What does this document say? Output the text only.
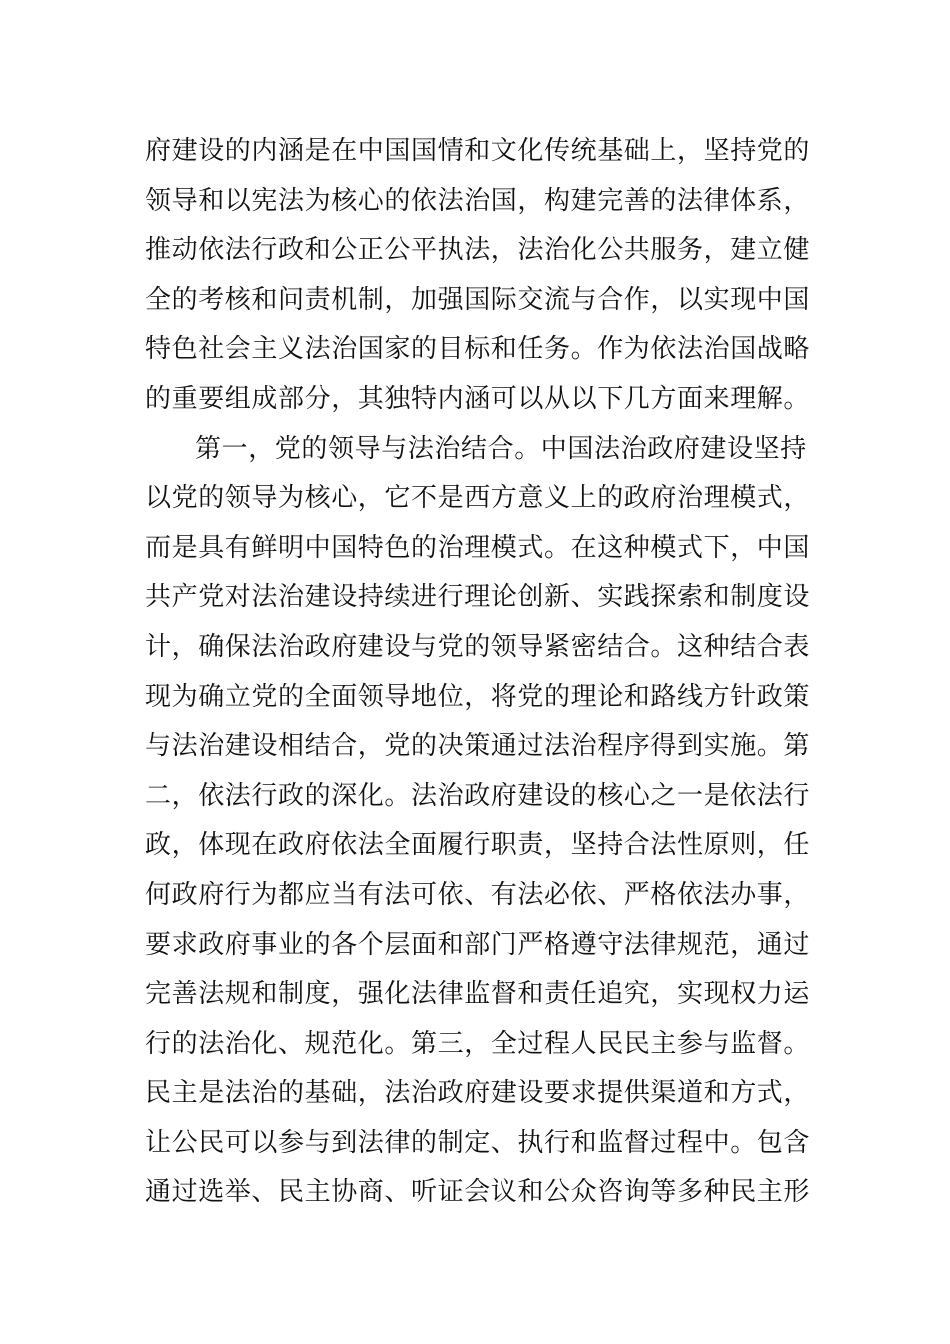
府建设的内涵是在中国国情和文化传统基础上，坚持党的
领导和以宪法为核心的依法治国，构建完善的法律体系，
推动依法行政和公正公平执法，法治化公共服务，建立健
全的考核和问责机制，加强国际交流与合作，以实现中国
特色社会主义法治国家的目标和任务。作为依法治国战略
的重要组成部分，其独特内涵可以从以下几方面来理解。
第一，党的领导与法治结合。中国法治政府建设坚持
以党的领导为核心，它不是西方意义上的政府治理模式，
而是具有鲜明中国特色的治理模式。在这种模式下，中国
共产党对法治建设持续进行理论创新、实践探索和制度设
计，确保法治政府建设与党的领导紧密结合。这种结合表
现为确立党的全面领导地位，将党的理论和路线方针政策
与法治建设相结合，党的决策通过法治程序得到实施。第
二，依法行政的深化。法治政府建设的核心之一是依法行
政，体现在政府依法全面履行职责，坚持合法性原则，任
何政府行为都应当有法可依、有法必依、严格依法办事，
要求政府事业的各个层面和部门严格遵守法律规范，通过
完善法规和制度，强化法律监督和责任追究，实现权力运
行的法治化、规范化。第三，全过程人民民主参与监督。
民主是法治的基础，法治政府建设要求提供渠道和方式，
让公民可以参与到法律的制定、执行和监督过程中。包含
通过选举、民主协商、听证会议和公众咨询等多种民主形
